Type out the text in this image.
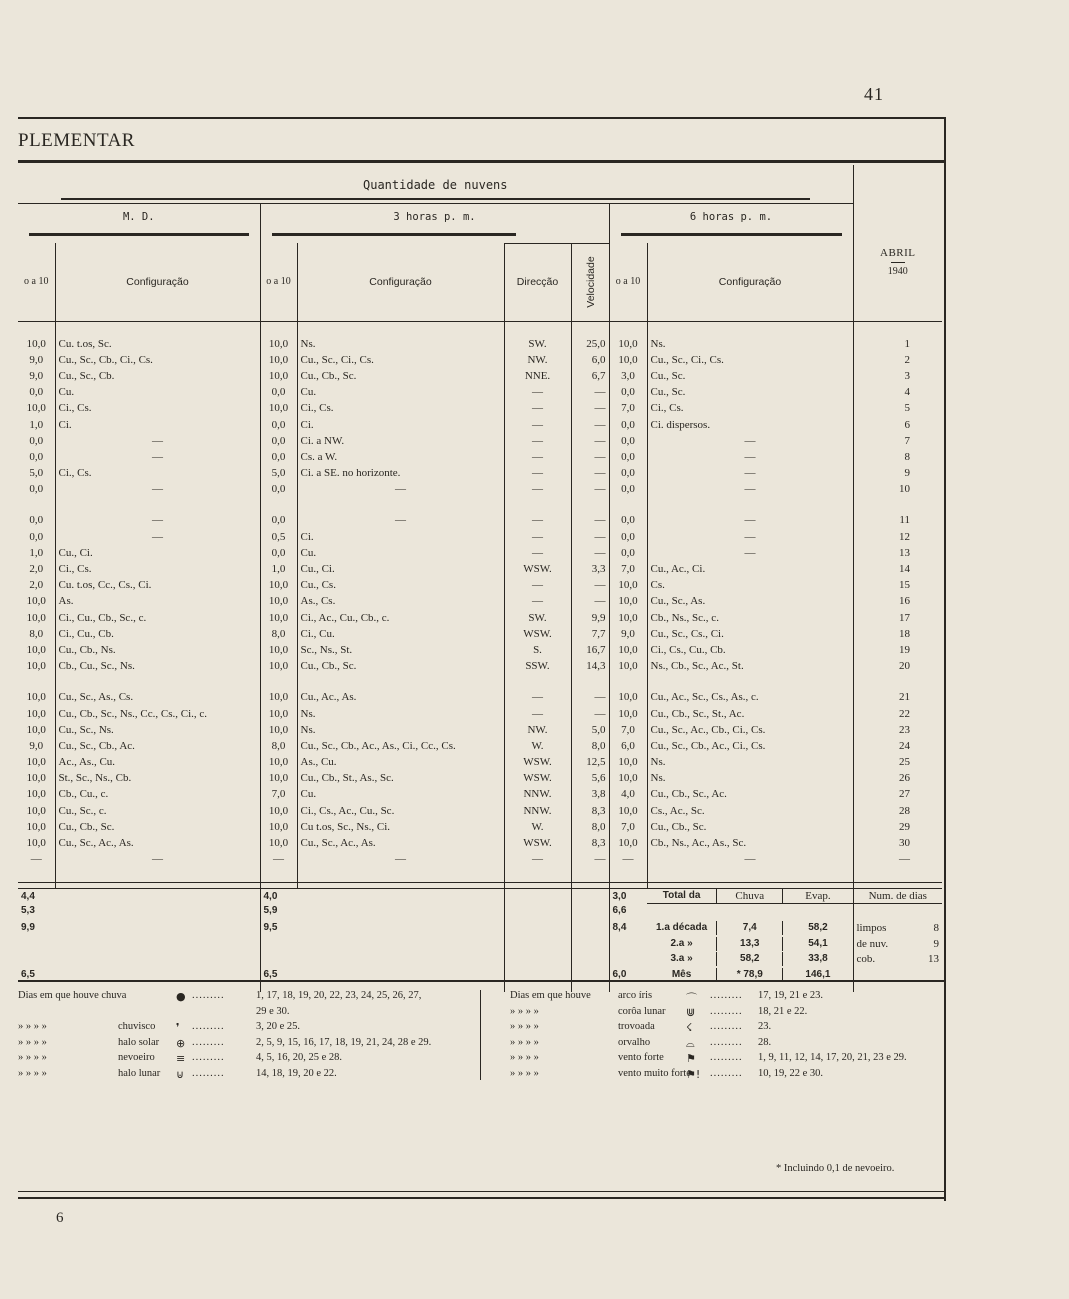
41
PLEMENTAR
Quantidade de nuvens								ABRIL
1940

M. D.		3 horas p. m.				6 horas p. m.		

o a 10	Configuração	o a 10	Configuração	Direcção	Velocidade	o a 10	Configuração	

10,0	Cu. t.os, Sc.	10,0	Ns.	SW.	25,0	10,0	Ns.	1
9,0	Cu., Sc., Cb., Ci., Cs.	10,0	Cu., Sc., Ci., Cs.	NW.	6,0	10,0	Cu., Sc., Ci., Cs.	2
9,0	Cu., Sc., Cb.	10,0	Cu., Cb., Sc.	NNE.	6,7	3,0	Cu., Sc.	3
0,0	Cu.	0,0	Cu.	—	—	0,0	Cu., Sc.	4
10,0	Ci., Cs.	10,0	Ci., Cs.	—	—	7,0	Ci., Cs.	5
1,0	Ci.	0,0	Ci.	—	—	0,0	Ci. dispersos.	6
0,0	—	0,0	Ci. a NW.	—	—	0,0	—	7
0,0	—	0,0	Cs. a W.	—	—	0,0	—	8
5,0	Ci., Cs.	5,0	Ci. a SE. no horizonte.	—	—	0,0	—	9
0,0	—	0,0	—	—	—	0,0	—	10

0,0	—	0,0	—	—	—	0,0	—	11
0,0	—	0,5	Ci.	—	—	0,0	—	12
1,0	Cu., Ci.	0,0	Cu.	—	—	0,0	—	13
2,0	Ci., Cs.	1,0	Cu., Ci.	WSW.	3,3	7,0	Cu., Ac., Ci.	14
2,0	Cu. t.os, Cc., Cs., Ci.	10,0	Cu., Cs.	—	—	10,0	Cs.	15
10,0	As.	10,0	As., Cs.	—	—	10,0	Cu., Sc., As.	16
10,0	Ci., Cu., Cb., Sc., c.	10,0	Ci., Ac., Cu., Cb., c.	SW.	9,9	10,0	Cb., Ns., Sc., c.	17
8,0	Ci., Cu., Cb.	8,0	Ci., Cu.	WSW.	7,7	9,0	Cu., Sc., Cs., Ci.	18
10,0	Cu., Cb., Ns.	10,0	Sc., Ns., St.	S.	16,7	10,0	Ci., Cs., Cu., Cb.	19
10,0	Cb., Cu., Sc., Ns.	10,0	Cu., Cb., Sc.	SSW.	14,3	10,0	Ns., Cb., Sc., Ac., St.	20

10,0	Cu., Sc., As., Cs.	10,0	Cu., Ac., As.	—	—	10,0	Cu., Ac., Sc., Cs., As., c.	21
10,0	Cu., Cb., Sc., Ns., Cc., Cs., Ci., c.	10,0	Ns.	—	—	10,0	Cu., Cb., Sc., St., Ac.	22
10,0	Cu., Sc., Ns.	10,0	Ns.	NW.	5,0	7,0	Cu., Sc., Ac., Cb., Ci., Cs.	23
9,0	Cu., Sc., Cb., Ac.	8,0	Cu., Sc., Cb., Ac., As., Ci., Cc., Cs.	W.	8,0	6,0	Cu., Sc., Cb., Ac., Ci., Cs.	24
10,0	Ac., As., Cu.	10,0	As., Cu.	WSW.	12,5	10,0	Ns.	25
10,0	St., Sc., Ns., Cb.	10,0	Cu., Cb., St., As., Sc.	WSW.	5,6	10,0	Ns.	26
10,0	Cb., Cu., c.	7,0	Cu.	NNW.	3,8	4,0	Cu., Cb., Sc., Ac.	27
10,0	Cu., Sc., c.	10,0	Ci., Cs., Ac., Cu., Sc.	NNW.	8,3	10,0	Cs., Ac., Sc.	28
10,0	Cu., Cb., Sc.	10,0	Cu t.os, Sc., Ns., Ci.	W.	8,0	7,0	Cu., Cb., Sc.	29
10,0	Cu., Sc., Ac., As.	10,0	Cu., Sc., Ac., As.	WSW.	8,3	10,0	Cb., Ns., Ac., As., Sc.	30
—	—	—	—	—	—	—	—	—

4,4		4,0				3,0	Total da Chuva Evap.	Num. de dias
5,3		5,9				6,6		
9,9		9,5				8,4	1.a década 7,4 58,2	limpos 8

							2.a » 13,3 54,1	de nuv. 9

							3.a » 58,2 33,8	cob. 13

6,5		6,5				6,0	Mês * 78,9 146,1	

Dias em que houve chuva	● .........	1, 17, 18, 19, 20, 22, 23, 24, 25, 26, 27,
29 e 30.
» » » »	chuvisco ❜ .........	3, 20 e 25.
» » » »	halo solar ⊕ .........	2, 5, 9, 15, 16, 17, 18, 19, 21, 24, 28 e 29.
» » » »	nevoeiro ≡ .........	4, 5, 16, 20, 25 e 28.
» » » »	halo lunar ⊍ .........	14, 18, 19, 20 e 22.
Dias em que houve	arco íris	⌒ ......... 17, 19, 21 e 23.
» » » »	corôa lunar ⋓ ......... 18, 21 e 22.
» » » »	trovoada	☇ ......... 23.
» » » »	orvalho	⌓ ......... 28.
» » » »	vento forte ⚑ ......... 1, 9, 11, 12, 14, 17, 20, 21, 23 e 29.
» » » »	vento muito forte
⚑! ......... 10, 19, 22 e 30.
* Incluindo 0,1 de nevoeiro.
6
